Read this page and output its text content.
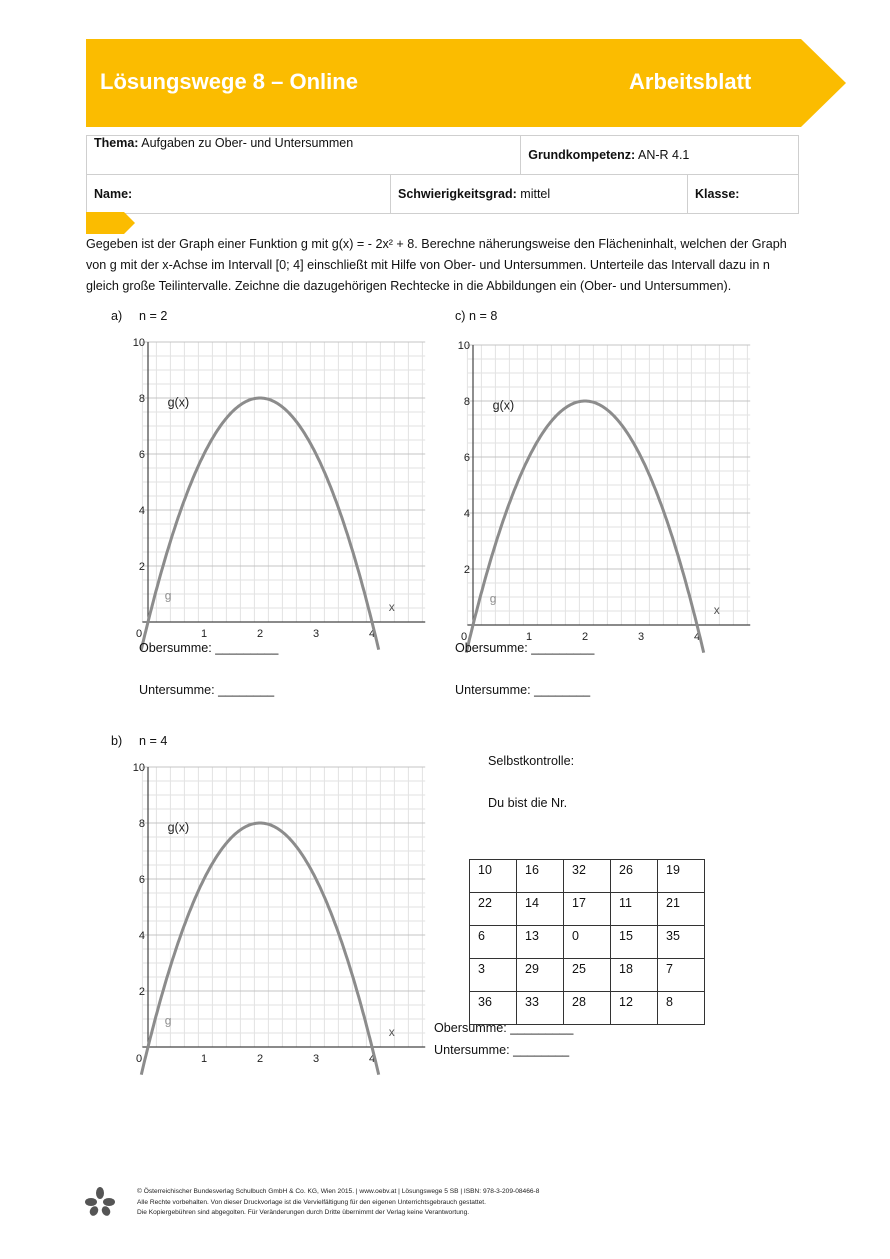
Lösungswege 8 – Online	Arbeitsblatt
Thema: Aufgaben zu Ober- und Untersummen		Grundkompetenz: AN-R 4.1	
Name:	Schwierigkeitsgrad: mittel		Klasse:
Gegeben ist der Graph einer Funktion g mit g(x) = - 2x² + 8. Berechne näherungsweise den Flächeninhalt, welchen der Graph
von g mit der x-Achse im Intervall [0; 4] einschließt mit Hilfe von Ober- und Untersummen. Unterteile das Intervall dazu in n
gleich große Teilintervalle. Zeichne die dazugehörigen Rechtecke in die Abbildungen ein (Ober- und Untersummen).
a) n = 2	c) n = 8
b) n = 4
0	1	2	3	4
2
4
6
8
10
g(x)
g
x
0	1	2	3	4
2
4
6
8
10
g(x)
g
x
0	1	2	3	4
2
4
6
8
10
g(x)
g
x
Obersumme: _________
Untersumme: ________
Obersumme: _________
Untersumme: ________
Obersumme: _________
Untersumme: ________
Selbstkontrolle:
Du bist die Nr.
10	16	32	26	19
22	14	17	11	21
6	13	0	15	35
3	29	25	18	7
36	33	28	12	8
© Österreichischer Bundesverlag Schulbuch GmbH & Co. KG, Wien 2015. | www.oebv.at | Lösungswege 5 SB | ISBN: 978-3-209-08466-8
Alle Rechte vorbehalten. Von dieser Druckvorlage ist die Vervielfältigung für den eigenen Unterrichtsgebrauch gestattet.
Die Kopiergebühren sind abgegolten. Für Veränderungen durch Dritte übernimmt der Verlag keine Verantwortung.
